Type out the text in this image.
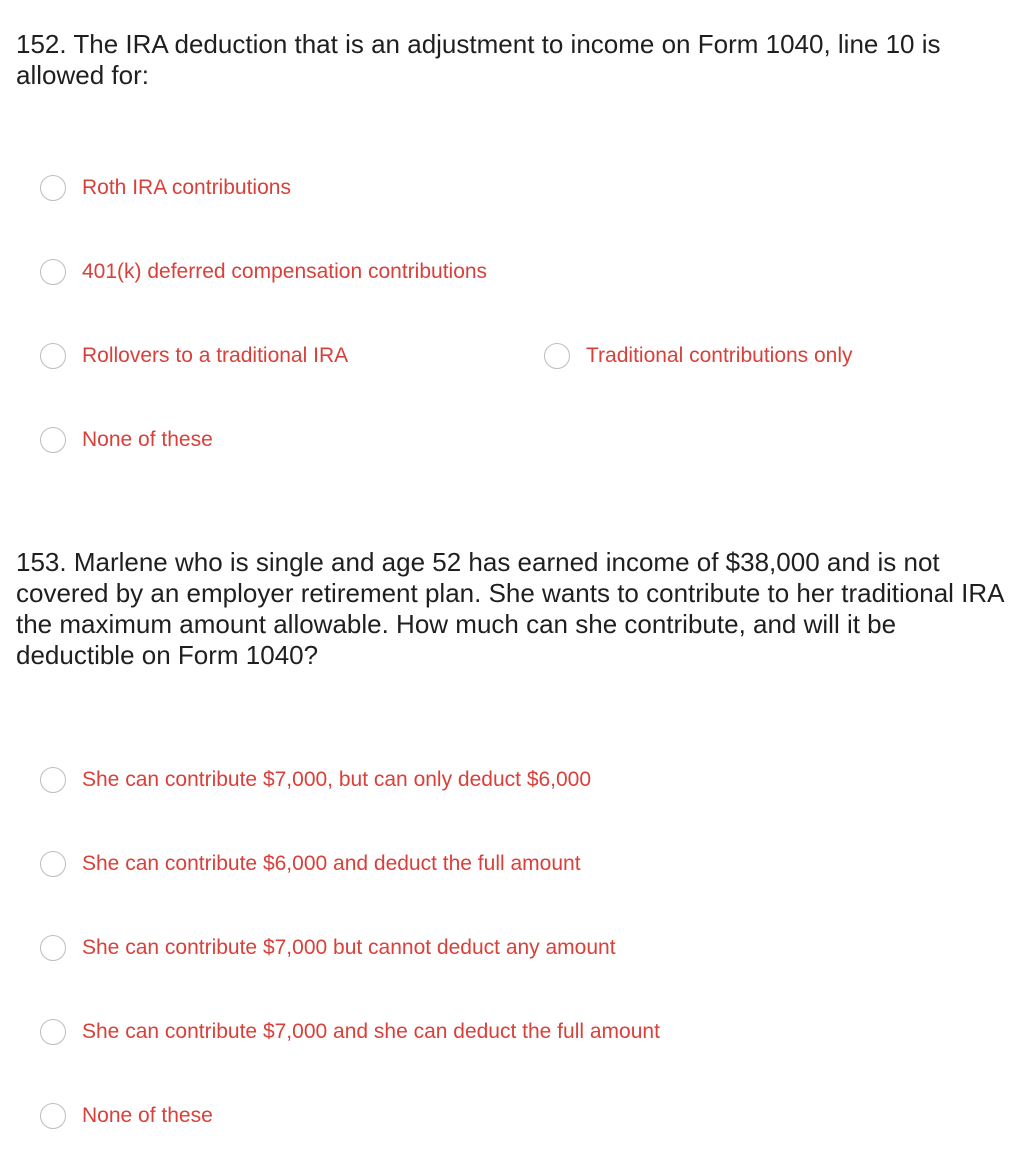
152. The IRA deduction that is an adjustment to income on Form 1040, line 10 is allowed for:
Roth IRA contributions
401(k) deferred compensation contributions
Rollovers to a traditional IRA	Traditional contributions only
None of these
153. Marlene who is single and age 52 has earned income of $38,000 and is not covered by an employer retirement plan. She wants to contribute to her traditional IRA the maximum amount allowable. How much can she contribute, and will it be deductible on Form 1040?
She can contribute $7,000, but can only deduct $6,000
She can contribute $6,000 and deduct the full amount
She can contribute $7,000 but cannot deduct any amount
She can contribute $7,000 and she can deduct the full amount
None of these
